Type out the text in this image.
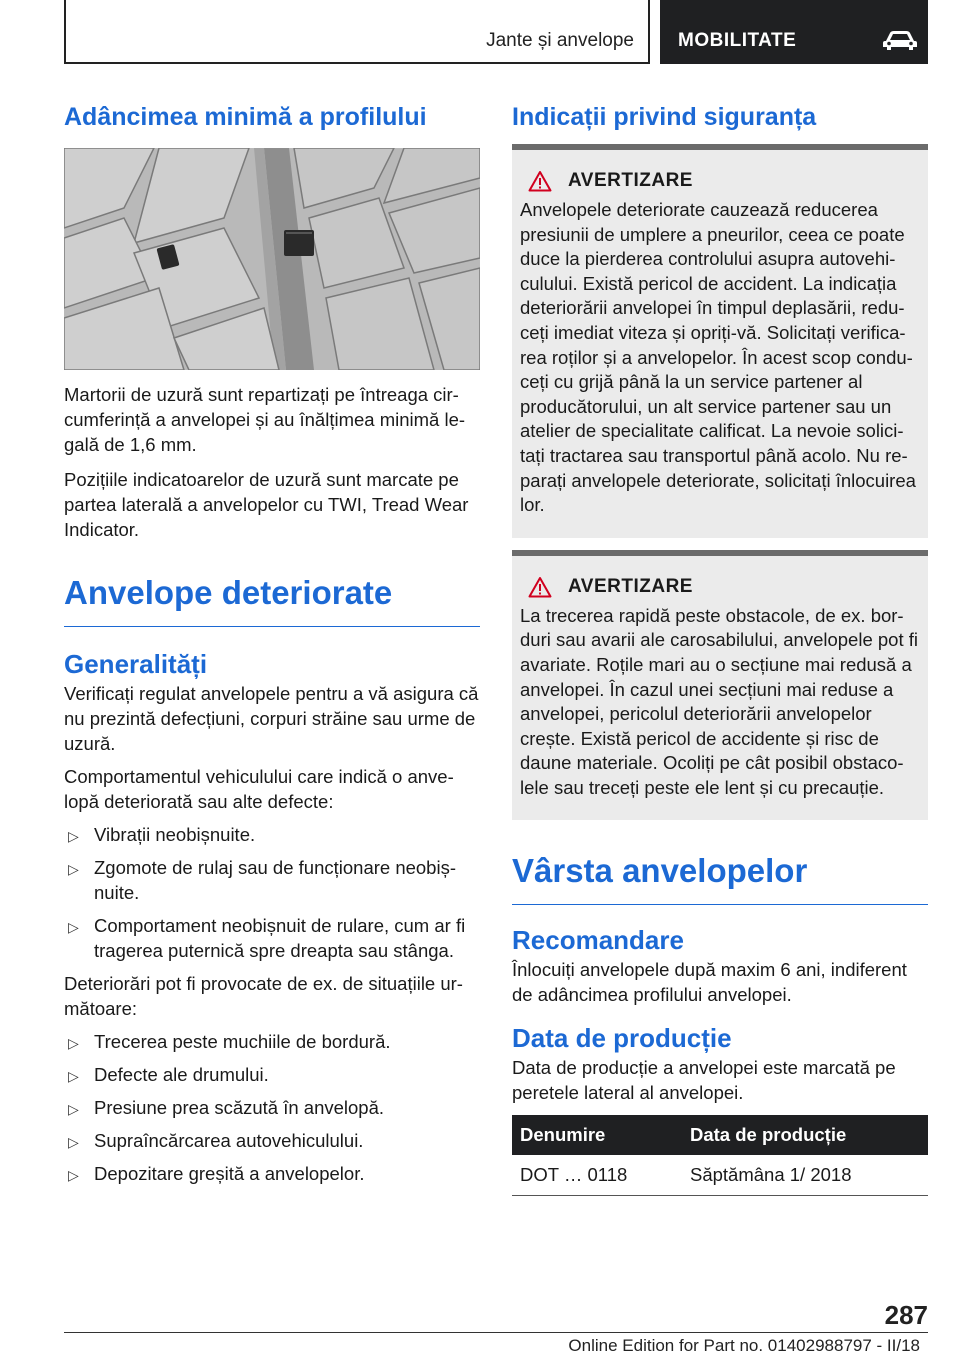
Jante și anvelope MOBILITATE
Adâncimea minimă a profilului

Martorii de uzură sunt repartizați pe întreaga cir-cumferință a anvelopei și au înălțimea minimă le-gală de 1,6 mm.

Pozițiile indicatoarelor de uzură sunt marcate pe partea laterală a anvelopelor cu TWI, Tread Wear Indicator.

Anvelope deteriorate
Generalități

Verificați regulat anvelopele pentru a vă asigura că nu prezintă defecțiuni, corpuri străine sau urme de uzură.

Comportamentul vehiculului care indică o anve-lopă deteriorată sau alte defecte:

▷ Vibrații neobișnuite.
▷ Zgomote de rulaj sau de funcționare neobiș-nuite.
▷ Comportament neobișnuit de rulare, cum ar fi tragerea puternică spre dreapta sau stânga.

Deteriorări pot fi provocate de ex. de situațiile ur-mătoare:

▷ Trecerea peste muchiile de bordură.
▷ Defecte ale drumului.
▷ Presiune prea scăzută în anvelopă.
▷ Supraîncărcarea autovehiculului.
▷ Depozitare greșită a anvelopelor.
Indicații privind siguranța
AVERTIZARE

Anvelopele deteriorate cauzează reducerea presiunii de umplere a pneurilor, ceea ce poate duce la pierderea controlului asupra autovehi-culului. Există pericol de accident. La indicația deteriorării anvelopei în timpul deplasării, redu-ceți imediat viteza și opriți-vă. Solicitați verifica-rea roților și a anvelopelor. În acest scop condu-ceți cu grijă până la un service partener al producătorului, un alt service partener sau un atelier de specialitate calificat. La nevoie solici-tați tractarea sau transportul până acolo. Nu re-parați anvelopele deteriorate, solicitați înlocuirea lor.

AVERTIZARE

La trecerea rapidă peste obstacole, de ex. bor-duri sau avarii ale carosabilului, anvelopele pot fi avariate. Roțile mari au o secțiune mai redusă a anvelopei. În cazul unei secțiuni mai reduse a anvelopei, pericolul deteriorării anvelopelor crește. Există pericol de accidente și risc de daune materiale. Ocoliți pe cât posibil obstaco-lele sau treceți peste ele lent și cu precauție.

Vârsta anvelopelor
Recomandare

Înlocuiți anvelopele după maxim 6 ani, indiferent de adâncimea profilului anvelopei.

Data de producție

Data de producție a anvelopei este marcată pe peretele lateral al anvelopei.

Denumire	Data de producție
DOT … 0118	Săptămâna 1/ 2018
287
Online Edition for Part no. 01402988797 - II/18
